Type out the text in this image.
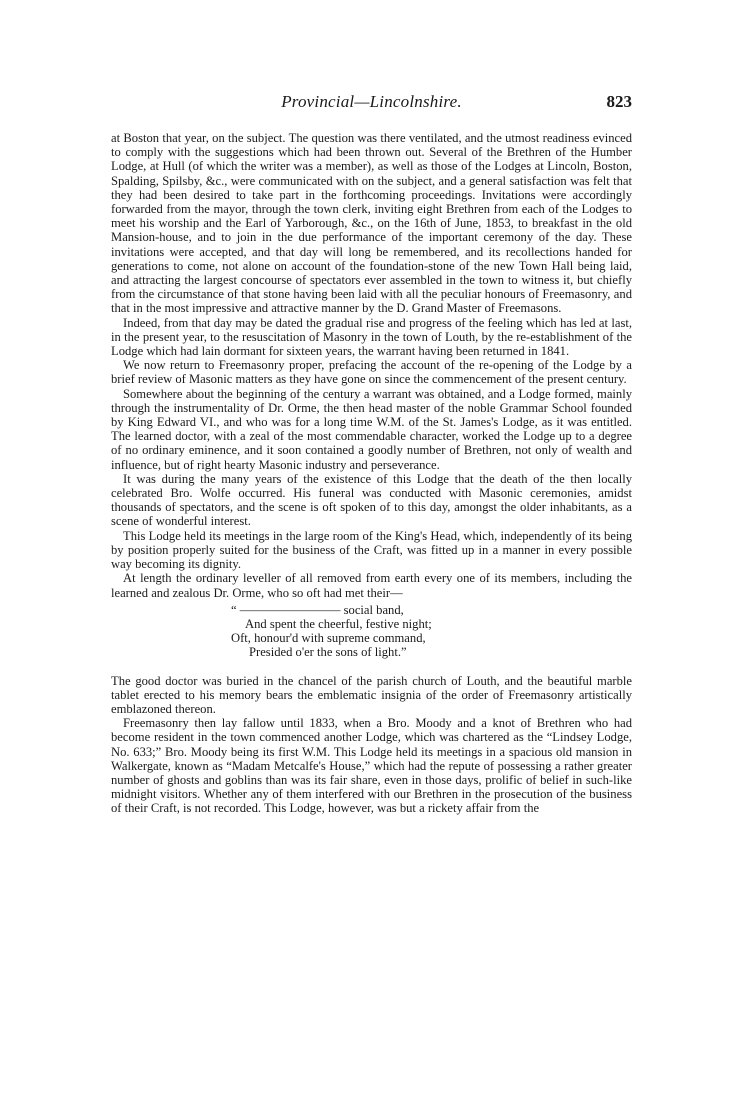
Provincial—Lincolnshire.	823

at Boston that year, on the subject. The question was there ventilated, and the utmost readiness evinced to comply with the suggestions which had been thrown out. Several of the Brethren of the Humber Lodge, at Hull (of which the writer was a member), as well as those of the Lodges at Lincoln, Boston, Spalding, Spilsby, &c., were communicated with on the subject, and a general satisfaction was felt that they had been desired to take part in the forthcoming proceedings. Invitations were accordingly forwarded from the mayor, through the town clerk, inviting eight Brethren from each of the Lodges to meet his worship and the Earl of Yarborough, &c., on the 16th of June, 1853, to breakfast in the old Mansion-house, and to join in the due performance of the important ceremony of the day. These invitations were accepted, and that day will long be remembered, and its recollections handed for generations to come, not alone on account of the foundation-stone of the new Town Hall being laid, and attracting the largest concourse of spectators ever assembled in the town to witness it, but chiefly from the circumstance of that stone having been laid with all the peculiar honours of Freemasonry, and that in the most impressive and attractive manner by the D. Grand Master of Freemasons.

Indeed, from that day may be dated the gradual rise and progress of the feeling which has led at last, in the present year, to the resuscitation of Masonry in the town of Louth, by the re-establishment of the Lodge which had lain dormant for sixteen years, the warrant having been returned in 1841.

We now return to Freemasonry proper, prefacing the account of the re-opening of the Lodge by a brief review of Masonic matters as they have gone on since the commencement of the present century.

Somewhere about the beginning of the century a warrant was obtained, and a Lodge formed, mainly through the instrumentality of Dr. Orme, the then head master of the noble Grammar School founded by King Edward VI., and who was for a long time W.M. of the St. James's Lodge, as it was entitled. The learned doctor, with a zeal of the most commendable character, worked the Lodge up to a degree of no ordinary eminence, and it soon contained a goodly number of Brethren, not only of wealth and influence, but of right hearty Masonic industry and perseverance.

It was during the many years of the existence of this Lodge that the death of the then locally celebrated Bro. Wolfe occurred. His funeral was conducted with Masonic ceremonies, amidst thousands of spectators, and the scene is oft spoken of to this day, amongst the older inhabitants, as a scene of wonderful interest.

This Lodge held its meetings in the large room of the King's Head, which, independently of its being by position properly suited for the business of the Craft, was fitted up in a manner in every possible way becoming its dignity.

At length the ordinary leveller of all removed from earth every one of its members, including the learned and zealous Dr. Orme, who so oft had met their—

“ ———————— social band,
And spent the cheerful, festive night;
Oft, honour'd with supreme command,
Presided o'er the sons of light.”

The good doctor was buried in the chancel of the parish church of Louth, and the beautiful marble tablet erected to his memory bears the emblematic insignia of the order of Freemasonry artistically emblazoned thereon.

Freemasonry then lay fallow until 1833, when a Bro. Moody and a knot of Brethren who had become resident in the town commenced another Lodge, which was chartered as the “Lindsey Lodge, No. 633;” Bro. Moody being its first W.M. This Lodge held its meetings in a spacious old mansion in Walkergate, known as “Madam Metcalfe's House,” which had the repute of possessing a rather greater number of ghosts and goblins than was its fair share, even in those days, prolific of belief in such-like midnight visitors. Whether any of them interfered with our Brethren in the prosecution of the business of their Craft, is not recorded. This Lodge, however, was but a rickety affair from the
